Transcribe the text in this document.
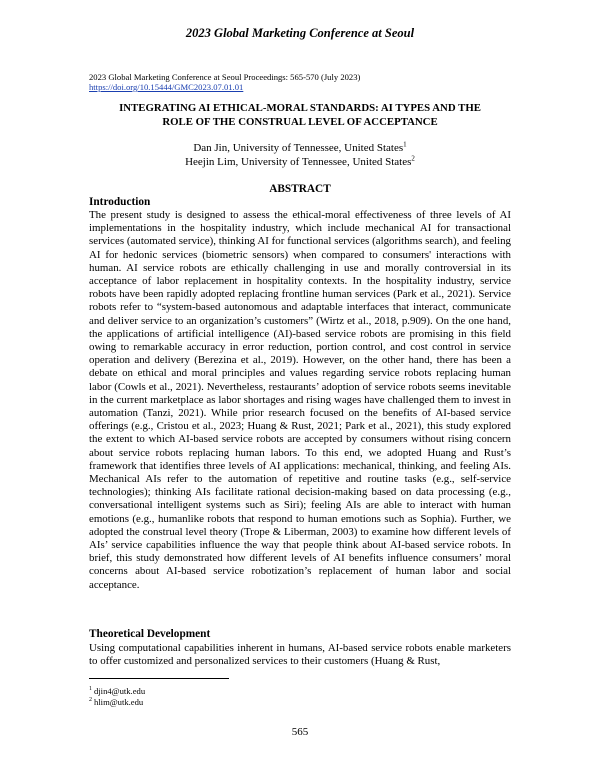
2023 Global Marketing Conference at Seoul
2023 Global Marketing Conference at Seoul Proceedings: 565-570 (July 2023)
https://doi.org/10.15444/GMC2023.07.01.01
INTEGRATING AI ETHICAL-MORAL STANDARDS: AI TYPES AND THE
ROLE OF THE CONSTRUAL LEVEL OF ACCEPTANCE
Dan Jin, University of Tennessee, United States$^1$
Heejin Lim, University of Tennessee, United States$^2$
ABSTRACT
Introduction

The present study is designed to assess the ethical-moral effectiveness of three levels of AI implementations in the hospitality industry, which include mechanical AI for transactional services (automated service), thinking AI for functional services (algorithms search), and feeling AI for hedonic services (biometric sensors) when compared to consumers' interactions with human. AI service robots are ethically challenging in use and morally controversial in its acceptance of labor replacement in hospitality contexts. In the hospitality industry, service robots have been rapidly adopted replacing frontline human services (Park et al., 2021). Service robots refer to “system-based autonomous and adaptable interfaces that interact, communicate and deliver service to an organization’s customers” (Wirtz et al., 2018, p.909). On the one hand, the applications of artificial intelligence (AI)-based service robots are promising in this field owing to remarkable accuracy in error reduction, portion control, and cost control in service operation and delivery (Berezina et al., 2019). However, on the other hand, there has been a debate on ethical and moral principles and values regarding service robots replacing human labor (Cowls et al., 2021). Nevertheless, restaurants’ adoption of service robots seems inevitable in the current marketplace as labor shortages and rising wages have challenged them to invest in automation (Tanzi, 2021). While prior research focused on the benefits of AI-based service offerings (e.g., Cristou et al., 2023; Huang & Rust, 2021; Park et al., 2021), this study explored the extent to which AI-based service robots are accepted by consumers without rising concern about service robots replacing human labors. To this end, we adopted Huang and Rust’s framework that identifies three levels of AI applications: mechanical, thinking, and feeling AIs. Mechanical AIs refer to the automation of repetitive and routine tasks (e.g., self-service technologies); thinking AIs facilitate rational decision-making based on data processing (e.g., conversational intelligent systems such as Siri); feeling AIs are able to interact with human emotions (e.g., humanlike robots that respond to human emotions such as Sophia). Further, we adopted the construal level theory (Trope & Liberman, 2003) to examine how different levels of AIs’ service capabilities influence the way that people think about AI-based service robots. In brief, this study demonstrated how different levels of AI benefits influence consumers’ moral concerns about AI-based service robotization’s replacement of human labor and social acceptance.

Theoretical Development

Using computational capabilities inherent in humans, AI-based service robots enable marketers to offer customized and personalized services to their customers (Huang & Rust,

$^1$ djin4@utk.edu
$^2$ hlim@utk.edu
565
